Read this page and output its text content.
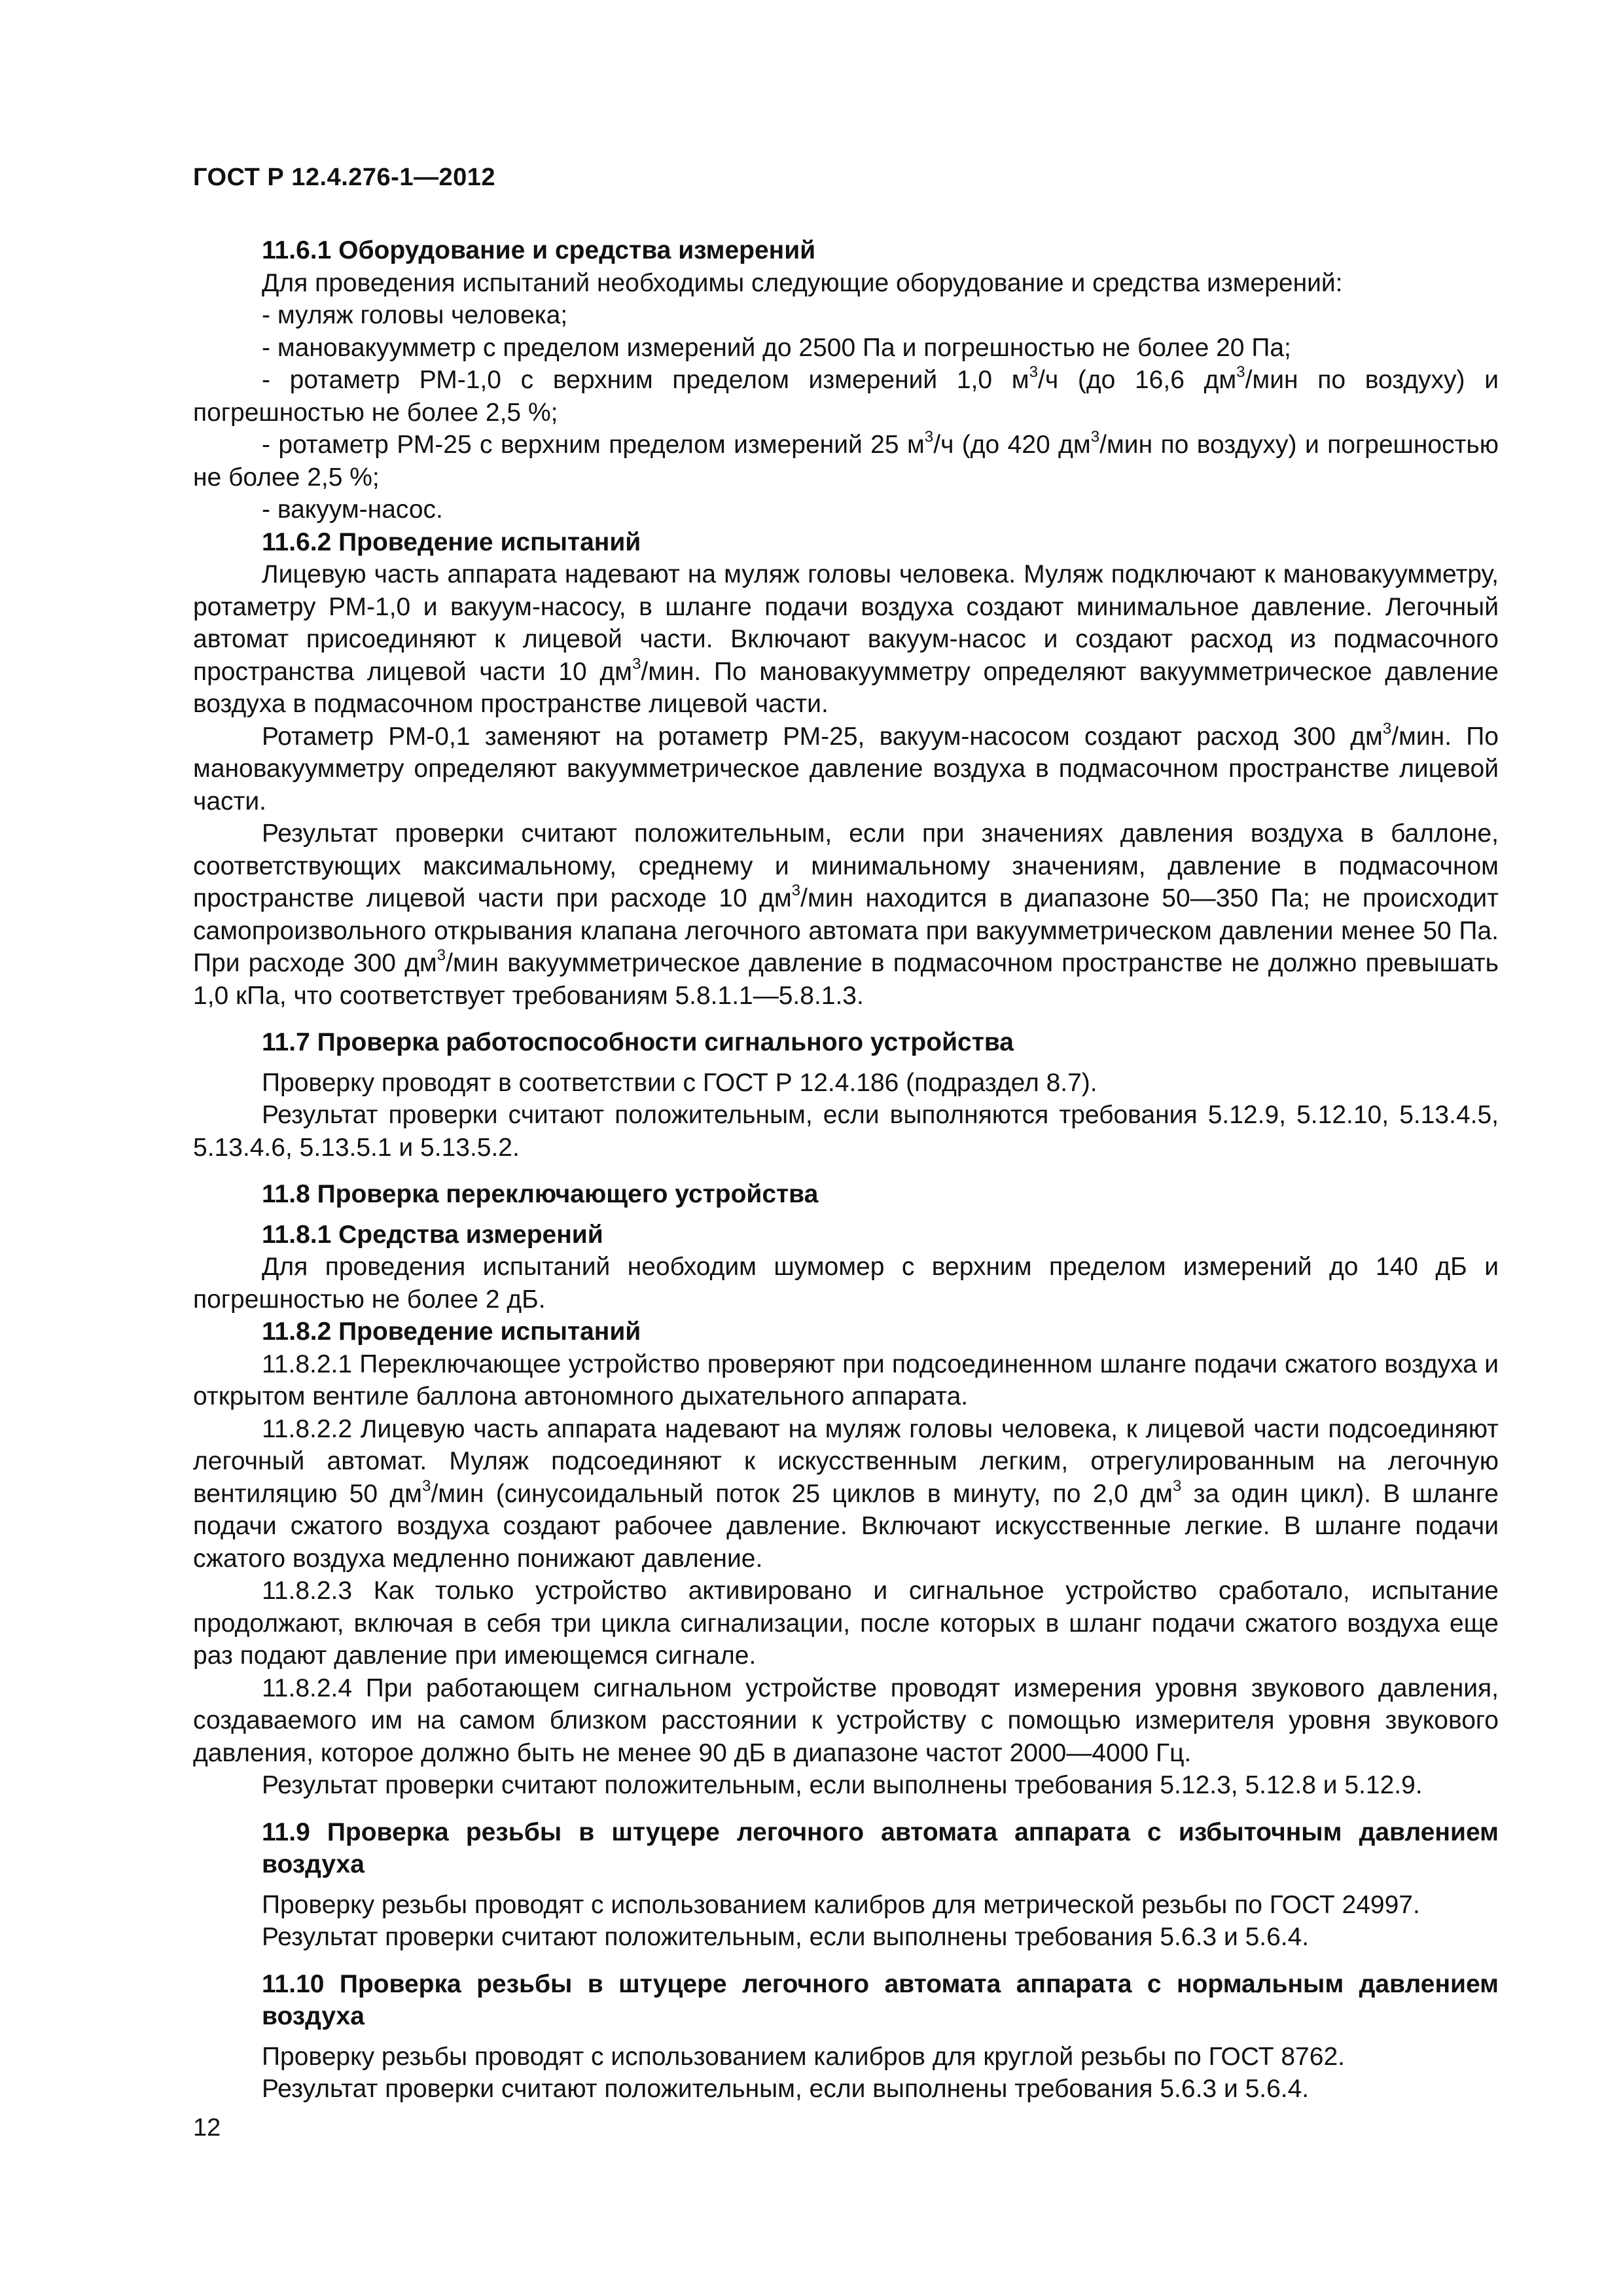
ГОСТ Р 12.4.276-1—2012

11.6.1 Оборудование и средства измерений

Для проведения испытаний необходимы следующие оборудование и средства измерений:

- муляж головы человека;

- мановакуумметр с пределом измерений до 2500 Па и погрешностью не более 20 Па;

- ротаметр РМ-1,0 с верхним пределом измерений 1,0 $м^3/ч$ (до 16,6 $дм^3$/мин по воздуху) и погрешностью не более 2,5 %;

- ротаметр РМ-25 с верхним пределом измерений 25 $м^3/ч$ (до 420 $дм^3$/мин по воздуху) и погрешностью не более 2,5 %;

- вакуум-насос.

11.6.2 Проведение испытаний

Лицевую часть аппарата надевают на муляж головы человека. Муляж подключают к мановакуумметру, ротаметру РМ-1,0 и вакуум-насосу, в шланге подачи воздуха создают минимальное давление. Легочный автомат присоединяют к лицевой части. Включают вакуум-насос и создают расход из подмасочного пространства лицевой части 10 $дм^3$/мин. По мановакуумметру определяют вакуумметрическое давление воздуха в подмасочном пространстве лицевой части.

Ротаметр РМ-0,1 заменяют на ротаметр РМ-25, вакуум-насосом создают расход 300 $дм^3$/мин. По мановакуумметру определяют вакуумметрическое давление воздуха в подмасочном пространстве лицевой части.

Результат проверки считают положительным, если при значениях давления воздуха в баллоне, соответствующих максимальному, среднему и минимальному значениям, давление в подмасочном пространстве лицевой части при расходе 10 $дм^3$/мин находится в диапазоне 50—350 Па; не происходит самопроизвольного открывания клапана легочного автомата при вакуумметрическом давлении менее 50 Па. При расходе 300 $дм^3$/мин вакуумметрическое давление в подмасочном пространстве не должно превышать 1,0 кПа, что соответствует требованиям 5.8.1.1—5.8.1.3.

11.7 Проверка работоспособности сигнального устройства

Проверку проводят в соответствии с ГОСТ Р 12.4.186 (подраздел 8.7).

Результат проверки считают положительным, если выполняются требования 5.12.9, 5.12.10, 5.13.4.5, 5.13.4.6, 5.13.5.1 и 5.13.5.2.

11.8 Проверка переключающего устройства

11.8.1 Средства измерений

Для проведения испытаний необходим шумомер с верхним пределом измерений до 140 дБ и погрешностью не более 2 дБ.

11.8.2 Проведение испытаний

11.8.2.1 Переключающее устройство проверяют при подсоединенном шланге подачи сжатого воздуха и открытом вентиле баллона автономного дыхательного аппарата.

11.8.2.2 Лицевую часть аппарата надевают на муляж головы человека, к лицевой части подсоединяют легочный автомат. Муляж подсоединяют к искусственным легким, отрегулированным на легочную вентиляцию 50 $дм^3$/мин (синусоидальный поток 25 циклов в минуту, по 2,0 $дм^3$ за один цикл). В шланге подачи сжатого воздуха создают рабочее давление. Включают искусственные легкие. В шланге подачи сжатого воздуха медленно понижают давление.

11.8.2.3 Как только устройство активировано и сигнальное устройство сработало, испытание продолжают, включая в себя три цикла сигнализации, после которых в шланг подачи сжатого воздуха еще раз подают давление при имеющемся сигнале.

11.8.2.4 При работающем сигнальном устройстве проводят измерения уровня звукового давления, создаваемого им на самом близком расстоянии к устройству с помощью измерителя уровня звукового давления, которое должно быть не менее 90 дБ в диапазоне частот 2000—4000 Гц.

Результат проверки считают положительным, если выполнены требования 5.12.3, 5.12.8 и 5.12.9.

11.9 Проверка резьбы в штуцере легочного автомата аппарата с избыточным давлением воздуха

Проверку резьбы проводят с использованием калибров для метрической резьбы по ГОСТ 24997.

Результат проверки считают положительным, если выполнены требования 5.6.3 и 5.6.4.

11.10 Проверка резьбы в штуцере легочного автомата аппарата с нормальным давлением воздуха

Проверку резьбы проводят с использованием калибров для круглой резьбы по ГОСТ 8762.

Результат проверки считают положительным, если выполнены требования 5.6.3 и 5.6.4.

12
